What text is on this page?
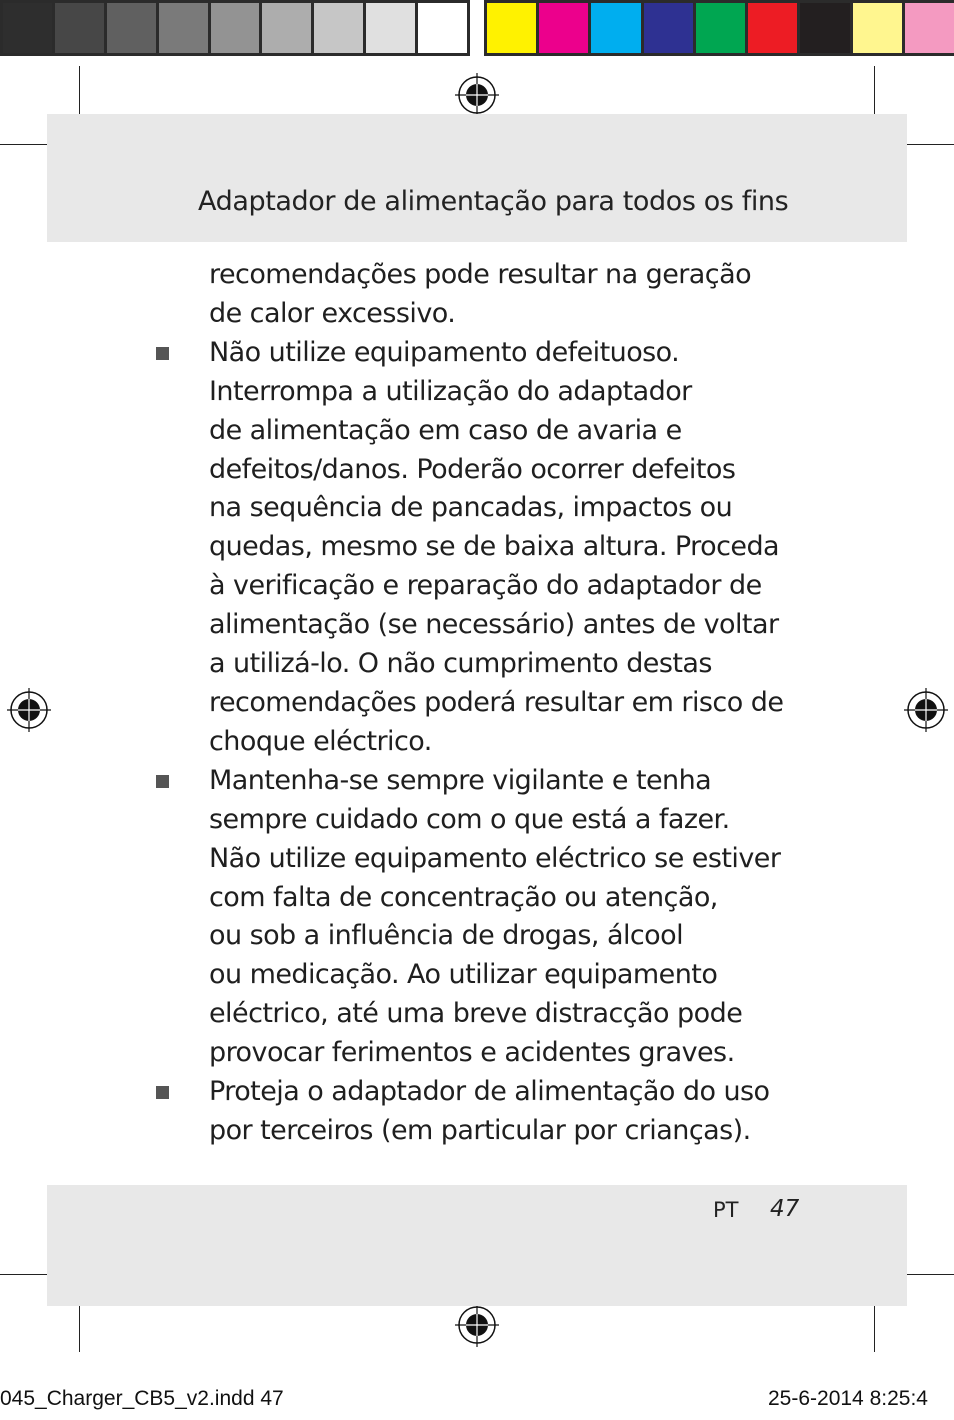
Adaptador de alimentação para todos os fins
recomendações pode resultar na geração
de calor excessivo.
Não utilize equipamento defeituoso.
Interrompa a utilização do adaptador
de alimentação em caso de avaria e
defeitos/danos. Poderão ocorrer defeitos
na sequência de pancadas, impactos ou
quedas, mesmo se de baixa altura. Proceda
à verificação e reparação do adaptador de
alimentação (se necessário) antes de voltar
a utilizá-lo. O não cumprimento destas
recomendações poderá resultar em risco de
choque eléctrico.
Mantenha-se sempre vigilante e tenha
sempre cuidado com o que está a fazer.
Não utilize equipamento eléctrico se estiver
com falta de concentração ou atenção,
ou sob a influência de drogas, álcool
ou medicação. Ao utilizar equipamento
eléctrico, até uma breve distracção pode
provocar ferimentos e acidentes graves.
Proteja o adaptador de alimentação do uso
por terceiros (em particular por crianças).
PT 47
045_Charger_CB5_v2.indd 47	25-6-2014 8:25:4
